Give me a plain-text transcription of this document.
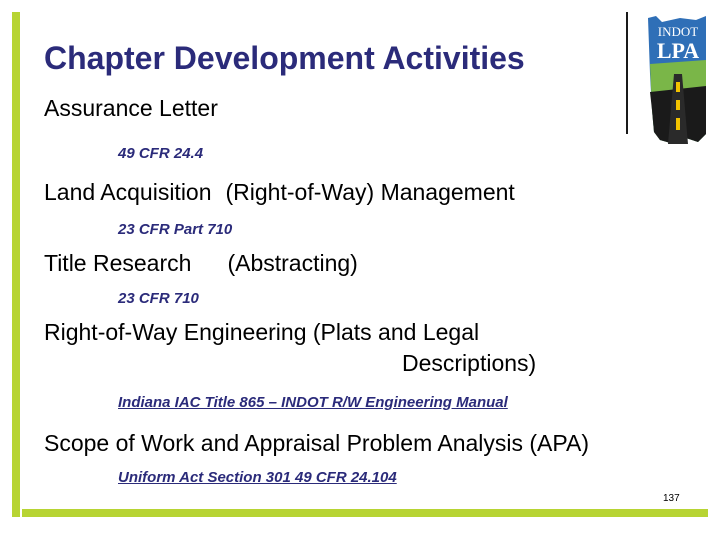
INDOT
LPA
Chapter Development Activities
Assurance Letter
49 CFR 24.4
Land Acquisition (Right-of-Way) Management
23 CFR Part 710
Title Research (Abstracting)
23 CFR 710
Right-of-Way Engineering (Plats and Legal
Descriptions)
Indiana IAC Title 865 – INDOT R/W Engineering Manual
Scope of Work and Appraisal Problem Analysis (APA)
Uniform Act Section 301 49 CFR 24.104
137
